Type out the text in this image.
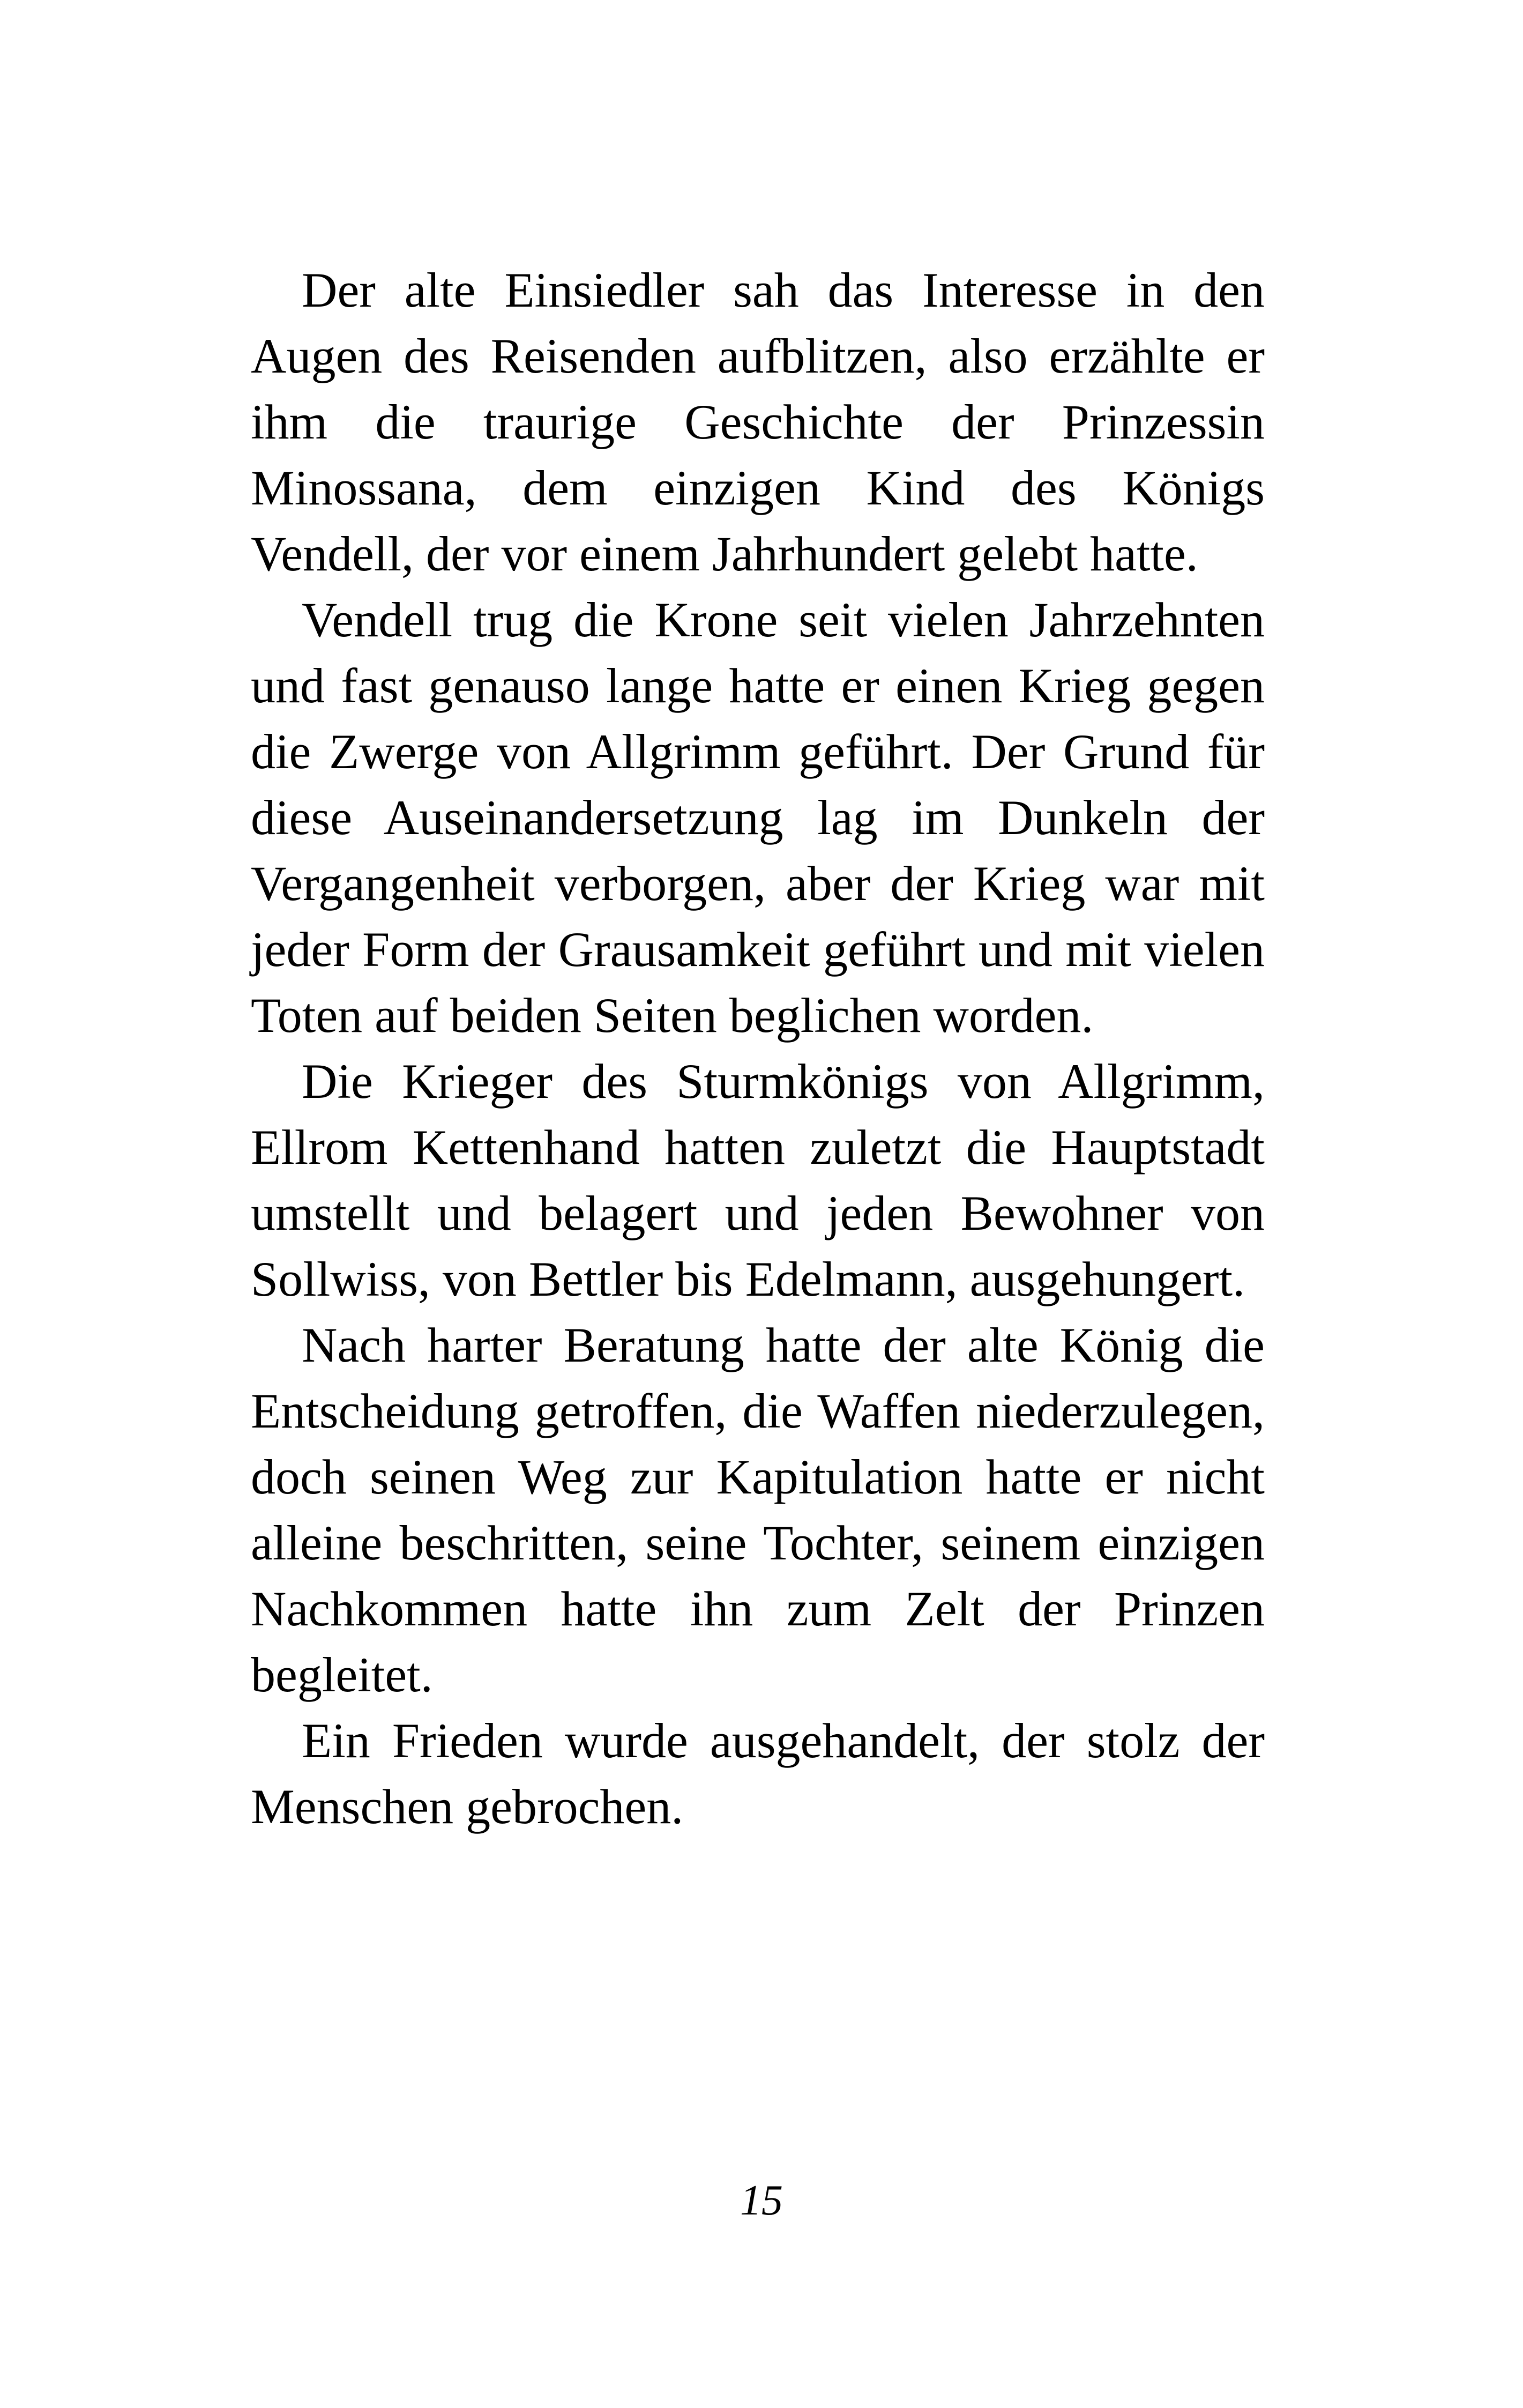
Der alte Einsiedler sah das Interesse in den Augen des Reisenden aufblitzen, also erzählte er ihm die traurige Geschichte der Prinzessin Minossana, dem einzigen Kind des Königs Vendell, der vor einem Jahrhundert gelebt hatte.

Vendell trug die Krone seit vielen Jahrzehnten und fast genauso lange hatte er einen Krieg gegen die Zwerge von Allgrimm geführt. Der Grund für diese Auseinandersetzung lag im Dunkeln der Vergangenheit verborgen, aber der Krieg war mit jeder Form der Grausamkeit geführt und mit vielen Toten auf beiden Seiten beglichen worden.

Die Krieger des Sturmkönigs von Allgrimm, Ellrom Kettenhand hatten zuletzt die Hauptstadt umstellt und belagert und jeden Bewohner von Sollwiss, von Bettler bis Edelmann, ausgehungert.

Nach harter Beratung hatte der alte König die Entscheidung getroffen, die Waffen niederzulegen, doch seinen Weg zur Kapitulation hatte er nicht alleine beschritten, seine Tochter, seinem einzigen Nachkommen hatte ihn zum Zelt der Prinzen begleitet.

Ein Frieden wurde ausgehandelt, der stolz der Menschen gebrochen.

15
